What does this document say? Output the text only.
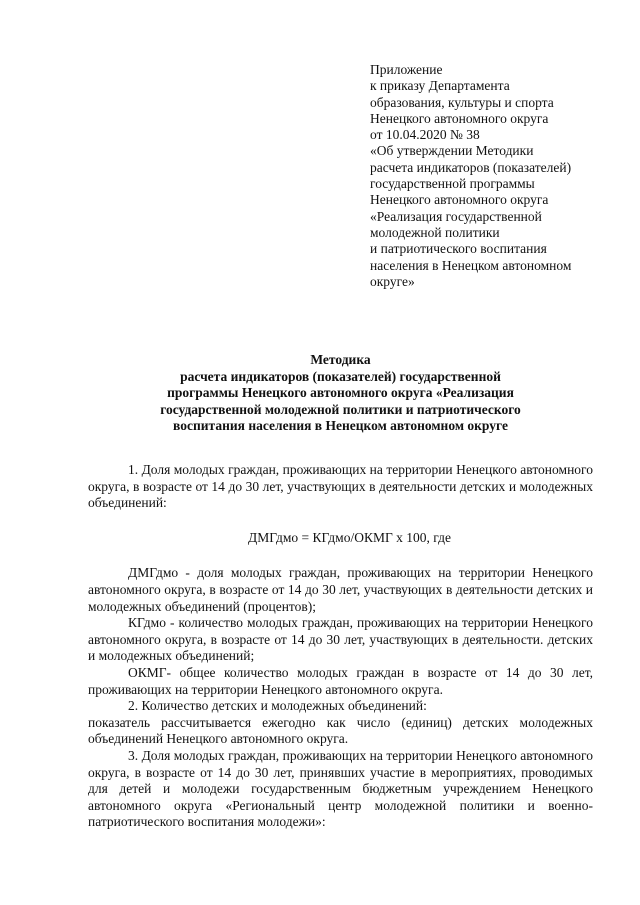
Приложение
к приказу Департамента
образования, культуры и спорта
Ненецкого автономного округа
от 10.04.2020 № 38
«Об утверждении Методики
расчета индикаторов (показателей)
государственной программы
Ненецкого автономного округа
«Реализация государственной
молодежной политики
и патриотического воспитания
населения в Ненецком автономном
округе»
Методика
расчета индикаторов (показателей) государственной
программы Ненецкого автономного округа «Реализация
государственной молодежной политики и патриотического
воспитания населения в Ненецком автономном округе

1. Доля молодых граждан, проживающих на территории Ненецкого автономного округа, в возрасте от 14 до 30 лет, участвующих в деятельности детских и молодежных объединений:

ДМГдмо = КГдмо/ОКМГ x 100, где

ДМГдмо - доля молодых граждан, проживающих на территории Ненецкого автономного округа, в возрасте от 14 до 30 лет, участвующих в деятельности детских и молодежных объединений (процентов);

КГдмо - количество молодых граждан, проживающих на территории Ненецкого автономного округа, в возрасте от 14 до 30 лет, участвующих в деятельности. детских и молодежных объединений;

ОКМГ- общее количество молодых граждан в возрасте от 14 до 30 лет, проживающих на территории Ненецкого автономного округа.

2. Количество детских и молодежных объединений:

показатель рассчитывается ежегодно как число (единиц) детских молодежных объединений Ненецкого автономного округа.

3. Доля молодых граждан, проживающих на территории Ненецкого автономного округа, в возрасте от 14 до 30 лет, принявших участие в мероприятиях, проводимых для детей и молодежи государственным бюджетным учреждением Ненецкого автономного округа «Региональный центр молодежной политики и военно-патриотического воспитания молодежи»:
